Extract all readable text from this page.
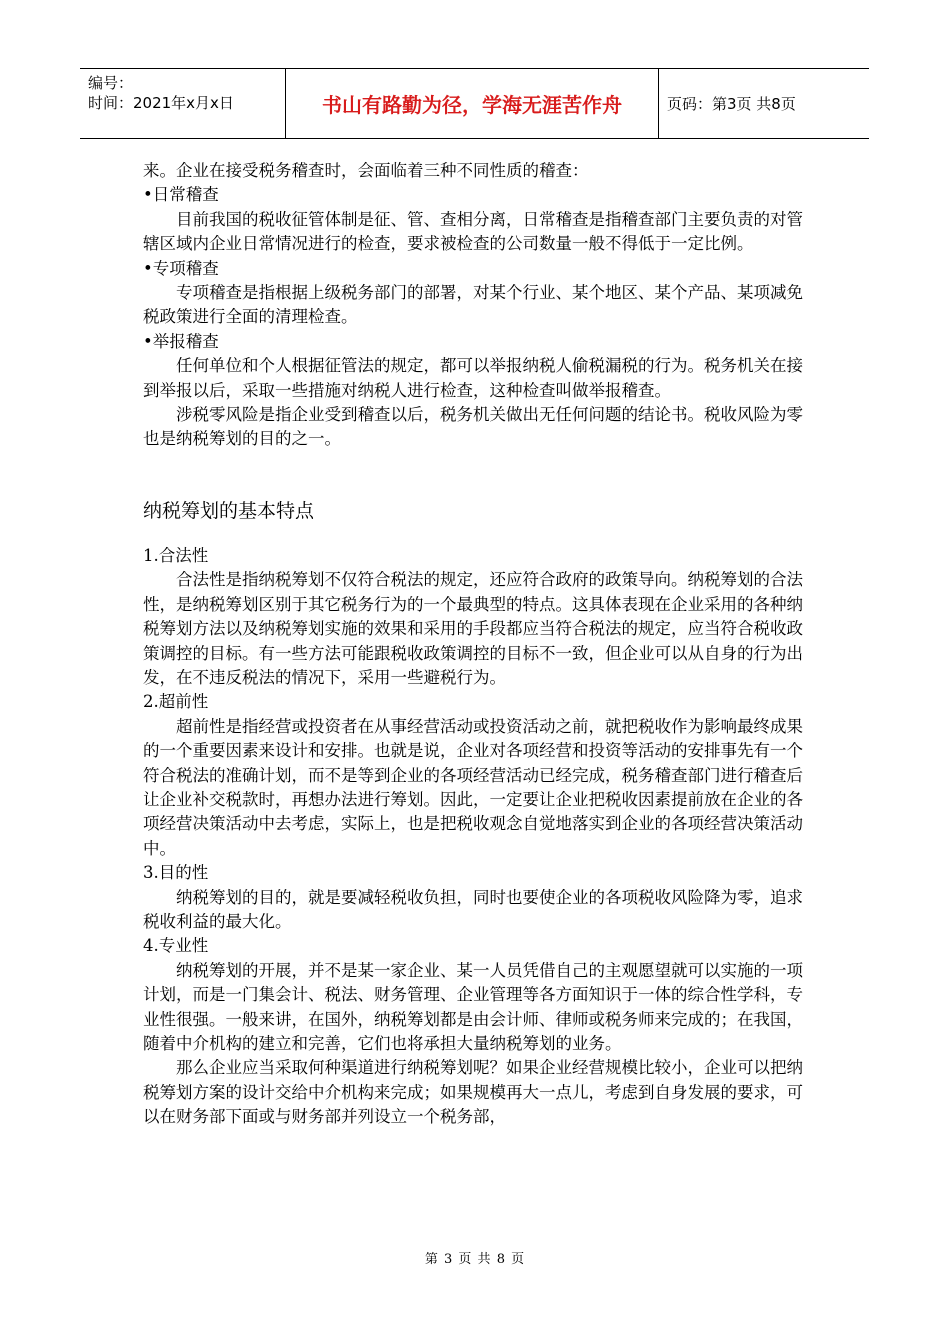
编号：
时间：2021年x月x日	书山有路勤为径，学海无涯苦作舟	页码：第3页 共8页

来。企业在接受税务稽查时，会面临着三种不同性质的稽查：

•日常稽查

目前我国的税收征管体制是征、管、查相分离，日常稽查是指稽查部门主要负责的对管辖区域内企业日常情况进行的检查，要求被检查的公司数量一般不得低于一定比例。

•专项稽查

专项稽查是指根据上级税务部门的部署，对某个行业、某个地区、某个产品、某项减免税政策进行全面的清理检查。

•举报稽查

任何单位和个人根据征管法的规定，都可以举报纳税人偷税漏税的行为。税务机关在接到举报以后，采取一些措施对纳税人进行检查，这种检查叫做举报稽查。

涉税零风险是指企业受到稽查以后，税务机关做出无任何问题的结论书。税收风险为零也是纳税筹划的目的之一。

纳税筹划的基本特点

1.合法性

合法性是指纳税筹划不仅符合税法的规定，还应符合政府的政策导向。纳税筹划的合法性，是纳税筹划区别于其它税务行为的一个最典型的特点。这具体表现在企业采用的各种纳税筹划方法以及纳税筹划实施的效果和采用的手段都应当符合税法的规定，应当符合税收政策调控的目标。有一些方法可能跟税收政策调控的目标不一致，但企业可以从自身的行为出发，在不违反税法的情况下，采用一些避税行为。

2.超前性

超前性是指经营或投资者在从事经营活动或投资活动之前，就把税收作为影响最终成果的一个重要因素来设计和安排。也就是说，企业对各项经营和投资等活动的安排事先有一个符合税法的准确计划，而不是等到企业的各项经营活动已经完成，税务稽查部门进行稽查后让企业补交税款时，再想办法进行筹划。因此，一定要让企业把税收因素提前放在企业的各项经营决策活动中去考虑，实际上，也是把税收观念自觉地落实到企业的各项经营决策活动中。

3.目的性

纳税筹划的目的，就是要减轻税收负担，同时也要使企业的各项税收风险降为零，追求税收利益的最大化。

4.专业性

纳税筹划的开展，并不是某一家企业、某一人员凭借自己的主观愿望就可以实施的一项计划，而是一门集会计、税法、财务管理、企业管理等各方面知识于一体的综合性学科，专业性很强。一般来讲，在国外，纳税筹划都是由会计师、律师或税务师来完成的；在我国，随着中介机构的建立和完善，它们也将承担大量纳税筹划的业务。

那么企业应当采取何种渠道进行纳税筹划呢？如果企业经营规模比较小，企业可以把纳税筹划方案的设计交给中介机构来完成；如果规模再大一点儿，考虑到自身发展的要求，可以在财务部下面或与财务部并列设立一个税务部，

第 3 页 共 8 页
